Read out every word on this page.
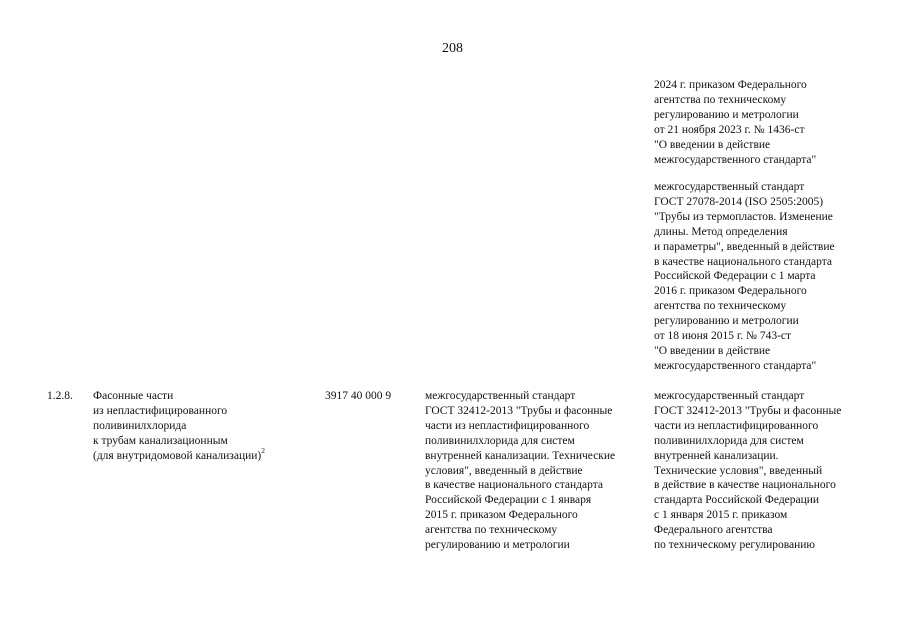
208
2024 г. приказом Федерального
агентства по техническому
регулированию и метрологии
от 21 ноября 2023 г. № 1436-ст
"О введении в действие
межгосударственного стандарта"
межгосударственный стандарт
ГОСТ 27078-2014 (ISO 2505:2005)
"Трубы из термопластов. Изменение
длины. Метод определения
и параметры", введенный в действие
в качестве национального стандарта
Российской Федерации с 1 марта
2016 г. приказом Федерального
агентства по техническому
регулированию и метрологии
от 18 июня 2015 г. № 743-ст
"О введении в действие
межгосударственного стандарта"
1.2.8.	Фасонные части
из непластифицированного
поливинилхлорида
к трубам канализационным
(для внутридомовой канализации)$^2$
3917 40 000 9	межгосударственный стандарт
ГОСТ 32412-2013 "Трубы и фасонные
части из непластифицированного
поливинилхлорида для систем
внутренней канализации. Технические
условия", введенный в действие
в качестве национального стандарта
Российской Федерации с 1 января
2015 г. приказом Федерального
агентства по техническому
регулированию и метрологии
межгосударственный стандарт
ГОСТ 32412-2013 "Трубы и фасонные
части из непластифицированного
поливинилхлорида для систем
внутренней канализации.
Технические условия", введенный
в действие в качестве национального
стандарта Российской Федерации
с 1 января 2015 г. приказом
Федерального агентства
по техническому регулированию
